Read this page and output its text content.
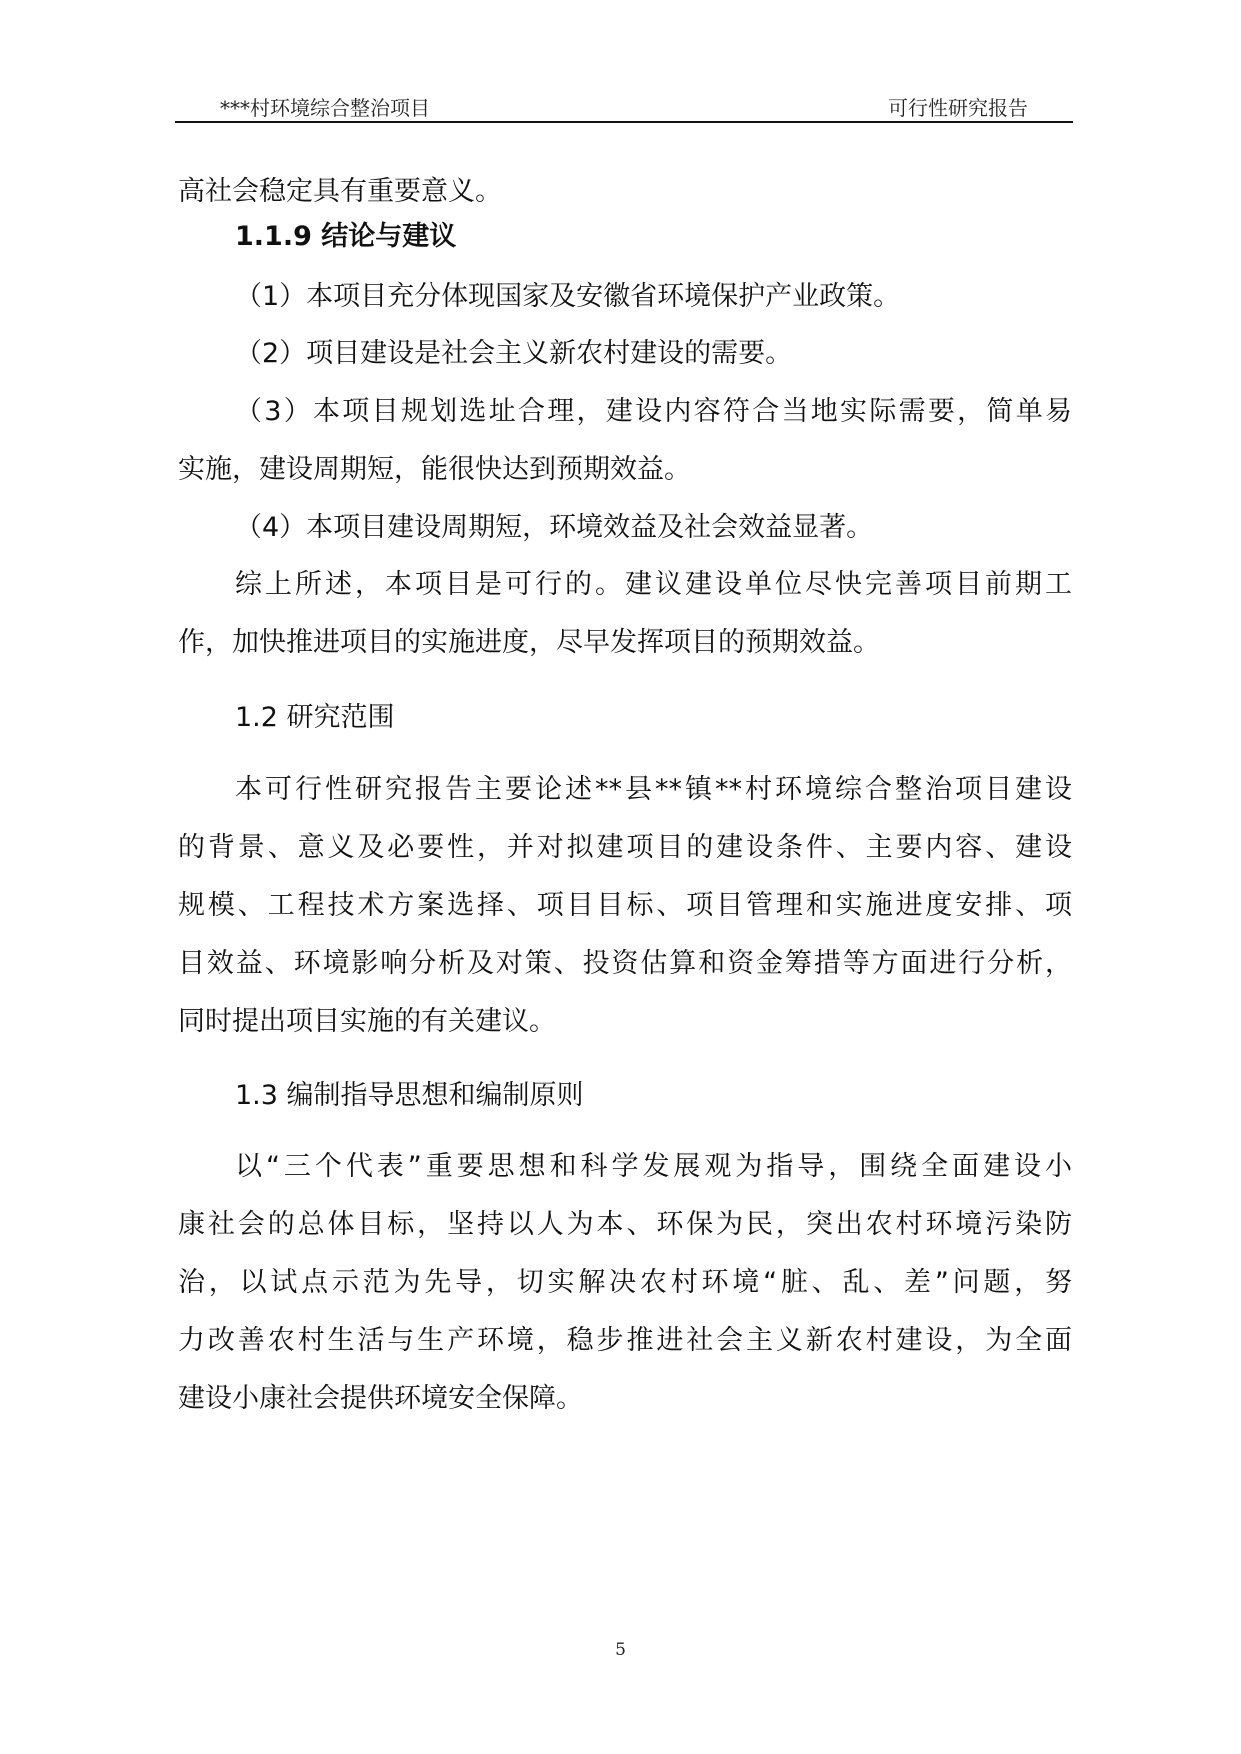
***村环境综合整治项目	可行性研究报告
高社会稳定具有重要意义。
1.1.9 结论与建议
（1）本项目充分体现国家及安徽省环境保护产业政策。
（2）项目建设是社会主义新农村建设的需要。
（3）本项目规划选址合理，建设内容符合当地实际需要，简单易
实施，建设周期短，能很快达到预期效益。
（4）本项目建设周期短，环境效益及社会效益显著。
综上所述，本项目是可行的。建议建设单位尽快完善项目前期工
作，加快推进项目的实施进度，尽早发挥项目的预期效益。
1.2 研究范围
本可行性研究报告主要论述**县**镇**村环境综合整治项目建设
的背景、意义及必要性，并对拟建项目的建设条件、主要内容、建设
规模、工程技术方案选择、项目目标、项目管理和实施进度安排、项
目效益、环境影响分析及对策、投资估算和资金筹措等方面进行分析，
同时提出项目实施的有关建议。
1.3 编制指导思想和编制原则
以“三个代表”重要思想和科学发展观为指导，围绕全面建设小
康社会的总体目标，坚持以人为本、环保为民，突出农村环境污染防
治，以试点示范为先导，切实解决农村环境“脏、乱、差”问题，努
力改善农村生活与生产环境，稳步推进社会主义新农村建设，为全面
建设小康社会提供环境安全保障。
5
